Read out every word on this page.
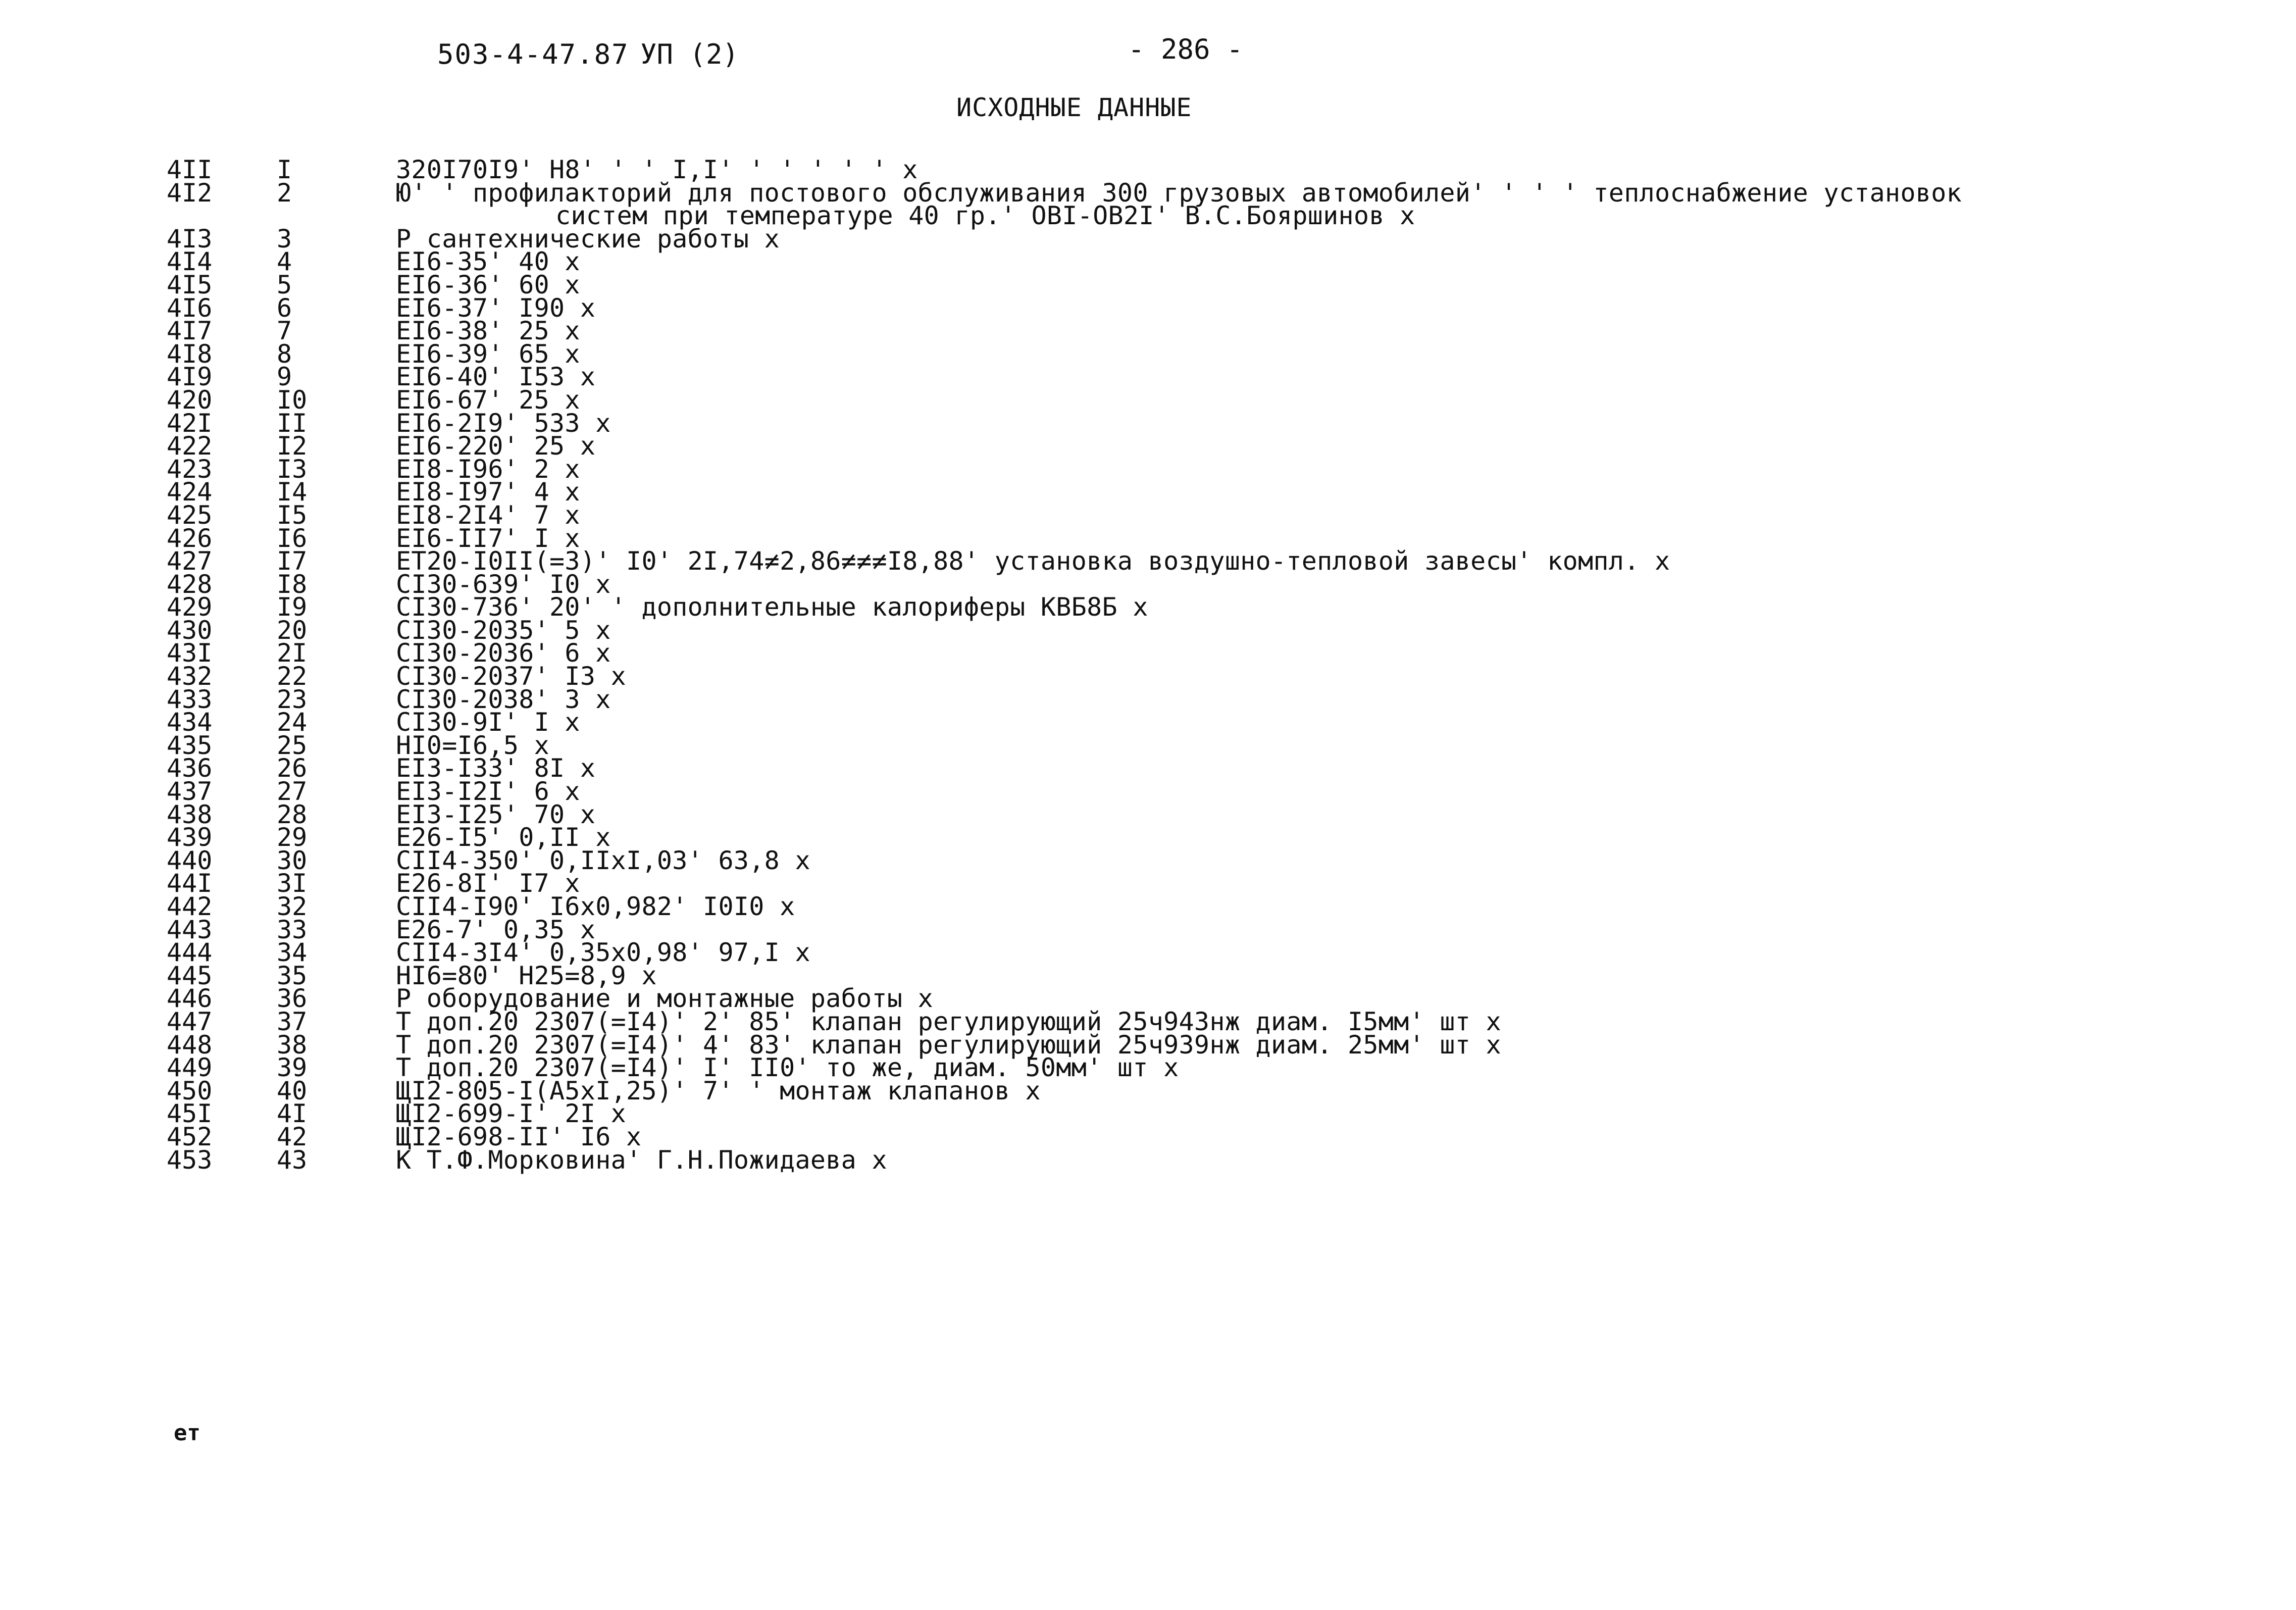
503-4-47.87 УП (2)	- 286 -
ИСХОДНЫЕ ДАННЫЕ
4II	I	320I70I9' H8' ' ' I,I' ' ' ' ' ' x
4I2	2	Ю' ' профилакторий для постового обслуживания 300 грузовых автомобилей' ' ' ' теплоснабжение установок
систем при температуре 40 гр.' ОВI-ОВ2I' В.С.Бояршинов x
4I3	3	Р сантехнические работы x
4I4	4	ЕI6-35' 40 x
4I5	5	ЕI6-36' 60 x
4I6	6	ЕI6-37' I90 x
4I7	7	ЕI6-38' 25 x
4I8	8	ЕI6-39' 65 x
4I9	9	ЕI6-40' I53 x
420	I0	ЕI6-67' 25 x
42I	II	ЕI6-2I9' 533 x
422	I2	ЕI6-220' 25 x
423	I3	ЕI8-I96' 2 x
424	I4	ЕI8-I97' 4 x
425	I5	ЕI8-2I4' 7 x
426	I6	ЕI6-II7' I x
427	I7	ЕТ20-I0II(=3)' I0' 2I,74≠2,86≠≠≠I8,88' установка воздушно-тепловой завесы' компл. x
428	I8	СI30-639' I0 x
429	I9	СI30-736' 20' ' дополнительные калориферы КВБ8Б x
430	20	СI30-2035' 5 x
43I	2I	СI30-2036' 6 x
432	22	СI30-2037' I3 x
433	23	СI30-2038' 3 x
434	24	СI30-9I' I x
435	25	HI0=I6,5 x
436	26	ЕI3-I33' 8I x
437	27	ЕI3-I2I' 6 x
438	28	ЕI3-I25' 70 x
439	29	Е26-I5' 0,II x
440	30	СII4-350' 0,IIxI,03' 63,8 x
44I	3I	Е26-8I' I7 x
442	32	СII4-I90' I6x0,982' I0I0 x
443	33	Е26-7' 0,35 x
444	34	СII4-3I4' 0,35x0,98' 97,I x
445	35	HI6=80' H25=8,9 x
446	36	Р оборудование и монтажные работы x
447	37	Т доп.20 2307(=I4)' 2' 85' клапан регулирующий 25ч943нж диам. I5мм' шт x
448	38	Т доп.20 2307(=I4)' 4' 83' клапан регулирующий 25ч939нж диам. 25мм' шт x
449	39	Т доп.20 2307(=I4)' I' II0' то же, диам. 50мм' шт x
450	40	ЩI2-805-I(А5xI,25)' 7' ' монтаж клапанов x
45I	4I	ЩI2-699-I' 2I x
452	42	ЩI2-698-II' I6 x
453	43	К Т.Ф.Морковина' Г.Н.Пожидаева x
ет
